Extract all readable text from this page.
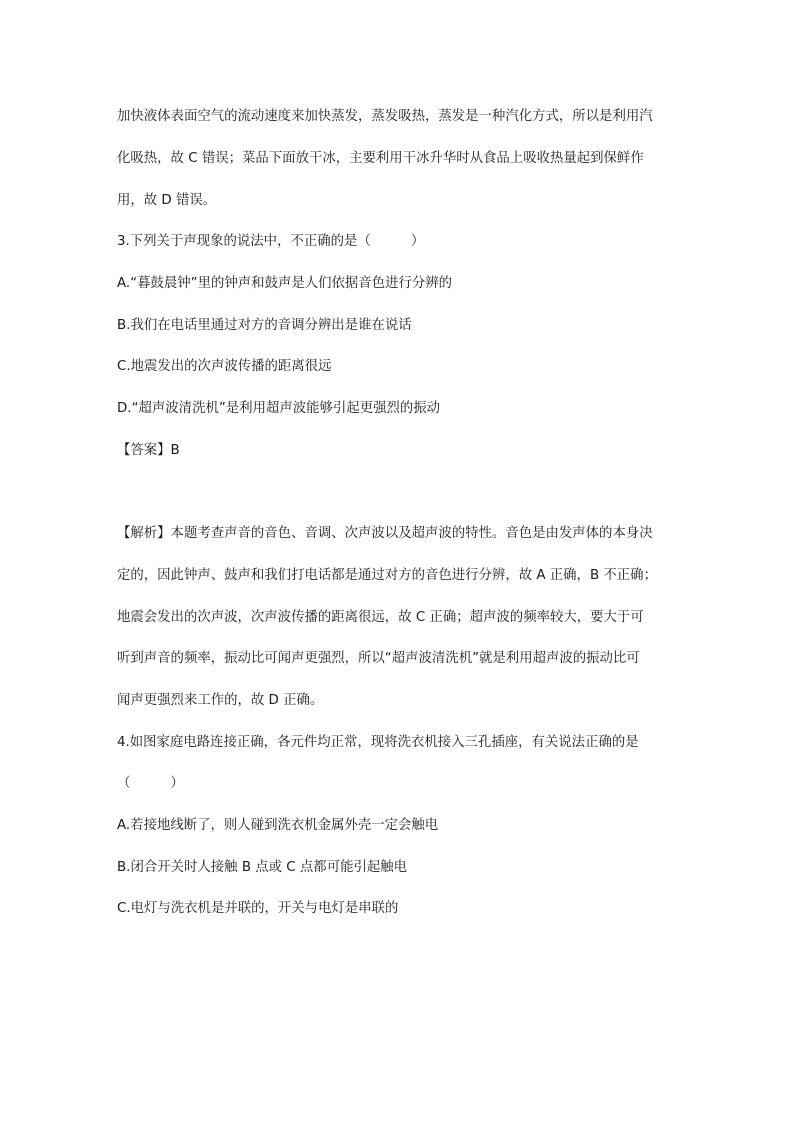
加快液体表面空气的流动速度来加快蒸发，蒸发吸热，蒸发是一种汽化方式，所以是利用汽
化吸热，故 C 错误；菜品下面放干冰，主要利用干冰升华时从食品上吸收热量起到保鲜作
用，故 D 错误。
3.下列关于声现象的说法中，不正确的是（　　　）
A.“暮鼓晨钟”里的钟声和鼓声是人们依据音色进行分辨的
B.我们在电话里通过对方的音调分辨出是谁在说话
C.地震发出的次声波传播的距离很远
D.“超声波清洗机”是利用超声波能够引起更强烈的振动
【答案】B
【解析】本题考查声音的音色、音调、次声波以及超声波的特性。音色是由发声体的本身决
定的，因此钟声、鼓声和我们打电话都是通过对方的音色进行分辨，故 A 正确，B 不正确；
地震会发出的次声波，次声波传播的距离很远，故 C 正确；超声波的频率较大，要大于可
听到声音的频率，振动比可闻声更强烈，所以“超声波清洗机”就是利用超声波的振动比可
闻声更强烈来工作的，故 D 正确。
4.如图家庭电路连接正确，各元件均正常，现将洗衣机接入三孔插座，有关说法正确的是
（　　　）
A.若接地线断了，则人碰到洗衣机金属外壳一定会触电
B.闭合开关时人接触 B 点或 C 点都可能引起触电
C.电灯与洗衣机是并联的，开关与电灯是串联的
